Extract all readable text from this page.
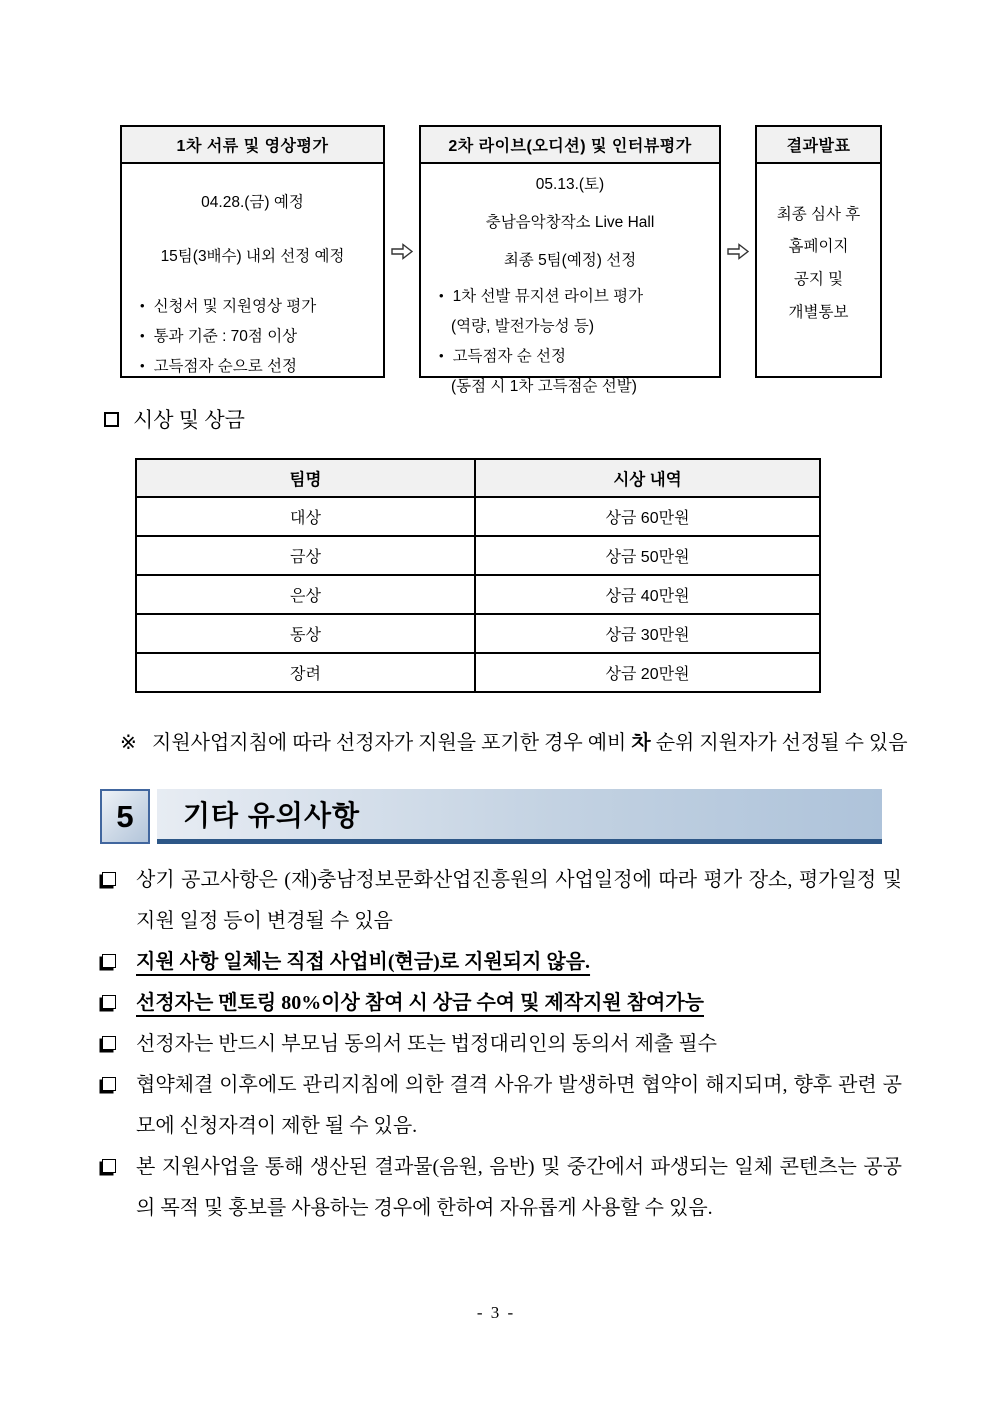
1차 서류 및 영상평가

04.28.(금) 예정

15팀(3배수) 내외 선정 예정

• 신청서 및 지원영상 평가
• 통과 기준 : 70점 이상
• 고득점자 순으로 선정
2차 라이브(오디션) 및 인터뷰평가

05.13.(토)

충남음악창작소 Live Hall

최종 5팀(예정) 선정

• 1차 선발 뮤지션 라이브 평가
(역량, 발전가능성 등)
• 고득점자 순 선정
(동점 시 1차 고득점순 선발)
결과발표

최종 심사 후

홈페이지

공지 및

개별통보

시상 및 상금
팀명	시상 내역
대상	상금 60만원
금상	상금 50만원
은상	상금 40만원
동상	상금 30만원
장려	상금 20만원

※ 지원사업지침에 따라 선정자가 지원을 포기한 경우 예비 차 순위 지원자가 선정될 수 있음

5	기타 유의사항
상기 공고사항은 (재)충남정보문화산업진흥원의 사업일정에 따라 평가 장소, 평가일정 및 지원 일정 등이 변경될 수 있음
지원 사항 일체는 직접 사업비(현금)로 지원되지 않음.
선정자는 멘토링 80%이상 참여 시 상금 수여 및 제작지원 참여가능
선정자는 반드시 부모님 동의서 또는 법정대리인의 동의서 제출 필수
협약체결 이후에도 관리지침에 의한 결격 사유가 발생하면 협약이 해지되며, 향후 관련 공모에 신청자격이 제한 될 수 있음.
본 지원사업을 통해 생산된 결과물(음원, 음반) 및 중간에서 파생되는 일체 콘텐츠는 공공의 목적 및 홍보를 사용하는 경우에 한하여 자유롭게 사용할 수 있음.
- 3 -
